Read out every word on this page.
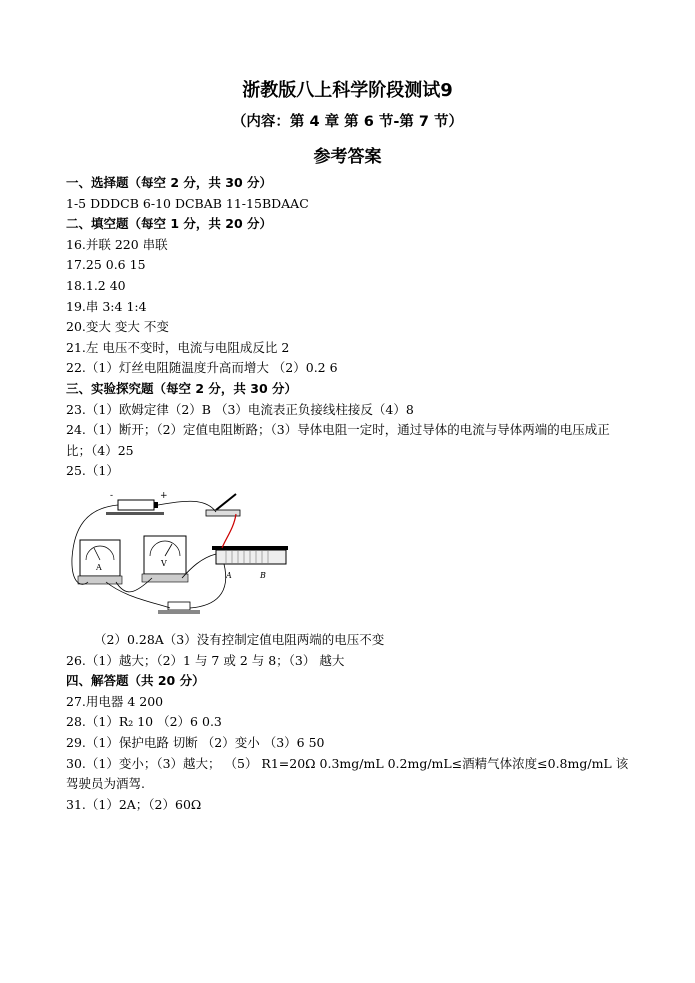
浙教版八上科学阶段测试9
（内容：第 4 章 第 6 节-第 7 节）
参考答案
一、选择题（每空 2 分，共 30 分）
1-5 DDDCB 6-10 DCBAB 11-15BDAAC
二、填空题（每空 1 分，共 20 分）
16.并联 220 串联
17.25 0.6 15
18.1.2 40
19.串 3:4 1:4
20.变大 变大 不变
21.左 电压不变时，电流与电阻成反比 2
22.（1）灯丝电阻随温度升高而增大 （2）0.2 6
三、实验探究题（每空 2 分，共 30 分）
23.（1）欧姆定律（2）B （3）电流表正负接线柱接反（4）8
24.（1）断开；（2）定值电阻断路；（3）导体电阻一定时，通过导体的电流与导体两端的电压成正比；（4）25
25.（1）
-	+
A	V
A	B
（2）0.28A（3）没有控制定值电阻两端的电压不变
26.（1）越大；（2）1 与 7 或 2 与 8；（3） 越大
四、解答题（共 20 分）
27.用电器 4 200
28.（1）R₂ 10 （2）6 0.3
29.（1）保护电路 切断 （2）变小 （3）6 50
30.（1）变小；（3）越大； （5） R1=20Ω 0.3mg/mL 0.2mg/mL≤酒精气体浓度≤0.8mg/mL 该驾驶员为酒驾.
31.（1）2A；（2）60Ω
